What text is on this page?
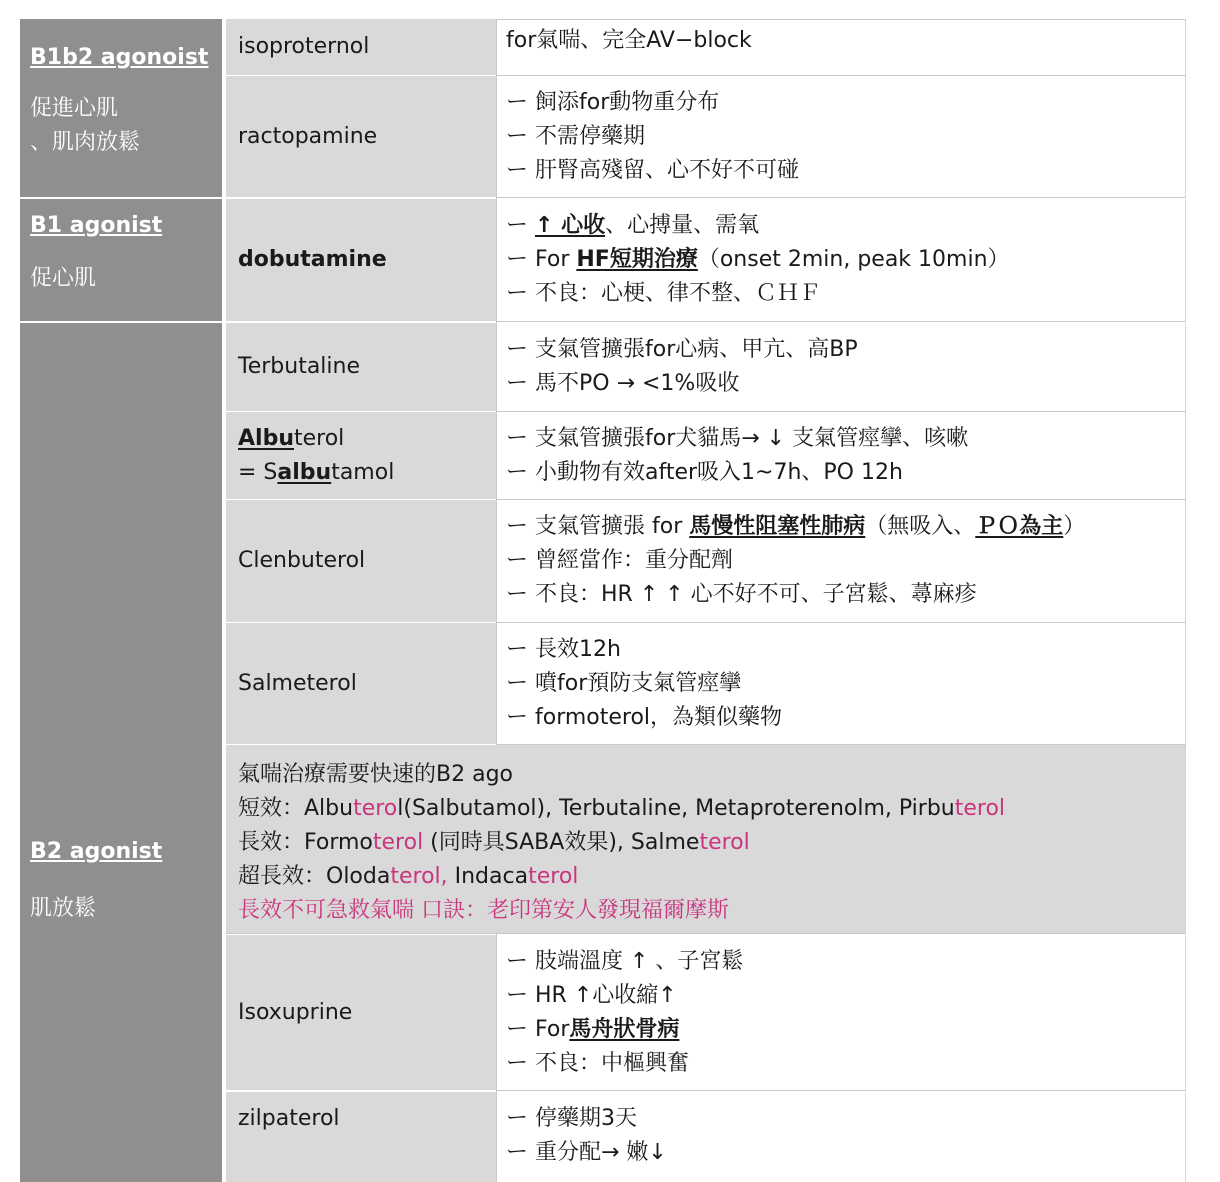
B1b2 agonoist
促進心肌
、肌肉放鬆
B1 agonist
促心肌
B2 agonist
肌放鬆
isoproternol	for氣喘、完全AV−block
ractopamine
ー 飼添for動物重分布
ー 不需停藥期
ー 肝腎高殘留、心不好不可碰
dobutamine
ー ↑ 心收、心搏量、需氧
ー For HF短期治療（onset 2min, peak 10min）
ー 不良：心梗、律不整、ＣＨＦ
Terbutaline
ー 支氣管擴張for心病、甲亢、高BP
ー 馬不PO → <1%吸收
Albuterol
= Salbutamol
ー 支氣管擴張for犬貓馬→ ↓ 支氣管痙攣、咳嗽
ー 小動物有效after吸入1~7h、PO 12h
Clenbuterol
ー 支氣管擴張 for 馬慢性阻塞性肺病（無吸入、ＰＯ為主）
ー 曾經當作：重分配劑
ー 不良：HR ↑ ↑ 心不好不可、子宮鬆、蕁麻疹
Salmeterol
ー 長效12h
ー 噴for預防支氣管痙攣
ー formoterol，為類似藥物
氣喘治療需要快速的B2 ago
短效：Albuterol(Salbutamol), Terbutaline, Metaproterenolm, Pirbuterol
長效：Formoterol (同時具SABA效果), Salmeterol
超長效：Olodaterol, Indacaterol
長效不可急救氣喘 口訣：老印第安人發現福爾摩斯
Isoxuprine
ー 肢端溫度 ↑ 、子宮鬆
ー HR ↑心收縮↑
ー For馬舟狀骨病
ー 不良：中樞興奮
zilpaterol	ー 停藥期3天
ー 重分配→ 嫩↓
